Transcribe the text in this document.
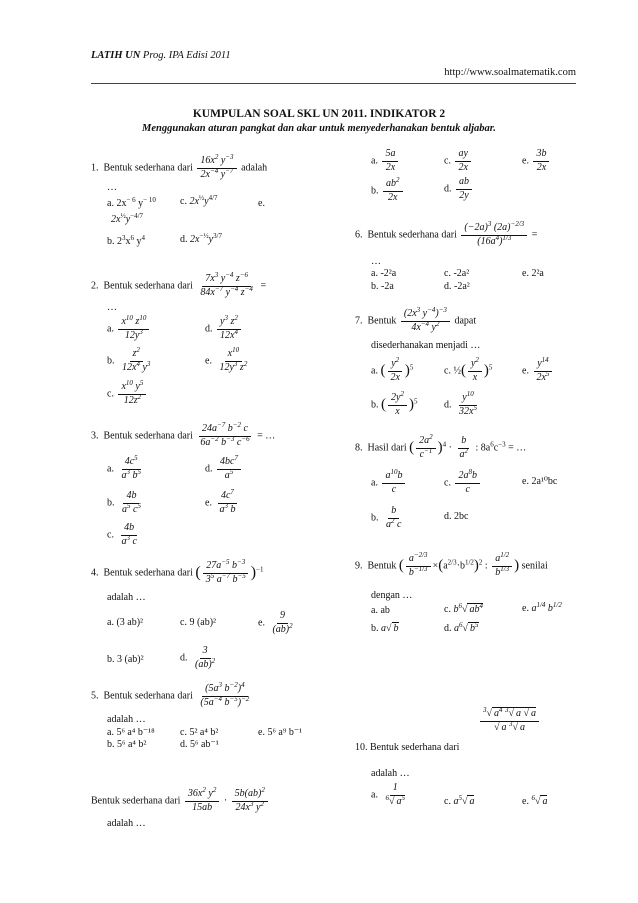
LATIH UN Prog. IPA Edisi 2011
http://www.soalmatematik.com
KUMPULAN SOAL SKL UN 2011. INDIKATOR 2
Menggunakan aturan pangkat dan akar untuk menyederhanakan bentuk aljabar.
1. Bentuk sederhana dari $\frac{16x^2 y^{-3}}{2x^{-4} y^{-7}}$ adalah
…
a. $2x^{- 6}$ $y^{- 10}$ c. $2x^{\frac{1}{2}}y^{4/7}$	e.
$2x^{\frac{1}{2}}y^{-4/7}$
b. $2^3x^6$ $y^4$	d. $2x^{-\frac{1}{2}}y^{3/7}$
2. Bentuk sederhana dari $\frac{7x^3 y^{-4} z^{-6}}{84x^{-7} y^{-4} z^{-4}}$ =
…
a. $\frac{x^{10} z^{10}}{12y^3}$	d. $\frac{y^3 z^2}{12x^4}$
b. $\frac{z^2}{12x^4 y^3}$	e. $\frac{x^{10}}{12y^3 z^2}$
c. $\frac{x^{10} y^5}{12z^2}$
3. Bentuk sederhana dari $\frac{24a^{-7} b^{-2} c}{6a^{-2} b^{-3} c^{-6}}$ = …
a. $\frac{4c^5}{a^3 b^5}$	d. $\frac{4bc^7}{a^5}$
b. $\frac{4b}{a^5 c^5}$	e. $\frac{4c^7}{a^3 b}$
c. $\frac{4b}{a^3 c}$
4. Bentuk sederhana dari ( $\frac{27a^{-5} b^{-3}}{3^5 a^{-7} b^{-5}} )^{-1}$
adalah …
a. (3 ab)²	c. 9 (ab)²	e. $\frac{9}{(ab)^2}$
b. 3 (ab)²	d. $\frac{3}{(ab)^2}$
5. Bentuk sederhana dari $\frac{(5a^3 b^{-2})^4}{(5a^{-4} b^{-5})^{-2}}$
adalah …
a. 5⁶ a⁴ b⁻¹⁸	c. 5² a⁴ b²	e. 5⁶ a⁹ b⁻¹
b. 5⁶ a⁴ b²	d. 5⁶ ab⁻¹
Bentuk sederhana dari $\frac{36x^2 y^2}{15ab} \cdot \frac{5b(ab)^2}{24x^3 y^2}$
adalah …
a. $\frac{5a}{2x}$	c. $\frac{ay}{2x}$	e. $\frac{3b}{2x}$
b. $\frac{ab^2}{2x}$	d. $\frac{ab}{2y}$
6. Bentuk sederhana dari $\frac{(-2a)^3 (2a)^{-2/3}}{(16a^4)^{1/3}}$ =
…
a. -2²a	c. -2a²	e. 2²a
b. -2a	d. -2a²
7. Bentuk $\frac{(2x^3 y^{-4})^{-3}}{4x^{-4} y^2}$ dapat
disederhanakan menjadi …
a. ( $\frac{y^2}{2x} )^5$	c. ½( $\frac{y^2}{x} )^5$	e. $\frac{y^{14}}{2x^5}$
b. ( $\frac{2y^2}{x} )^5$	d. $\frac{y^{10}}{32x^5}$
8. Hasil dari ( $\frac{2a^2}{c^{-1}} )^4 \cdot \frac{b}{a^2}$ : $8a^6c^{-3}$ = …
a. $\frac{a^{10}b}{c}$	c. $\frac{2a^8b}{c}$	e. 2a¹⁰bc
b. $\frac{b}{a^2 c}$	d. 2bc
9. Bentuk ( $\frac{a^{-2/3}}{b^{-1/3}} \times(a^{2/3}\cdot b^{1/2})^2$ : $\frac{a^{1/2}}{b^{1/3}}$ ) senilai
dengan …
a. ab	c. $b^6√$ $ab^4$	e. $a^{1/4}$ $b^{1/2}$
b. a√ b	d. $a^6√$ $b^5$
10. Bentuk sederhana dari
$\frac{^3√ a^4 ^3√ a √ a}{√ a ^3√ a}$
adalah …
a. $\frac{1}{^6√ a^5}$	c. $a^5√$ a	e. $^6$√ a
